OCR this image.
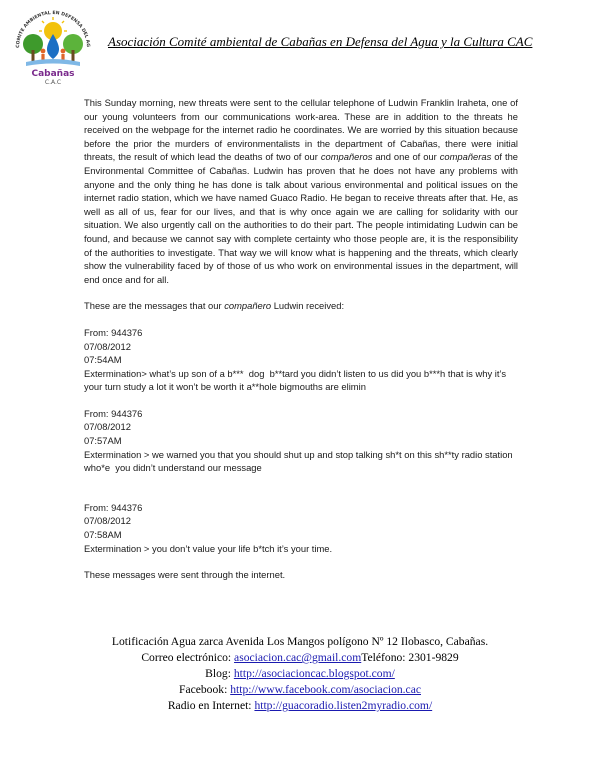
COMITE AMBIENTAL EN DEFENSA DEL AG
Cabañas
C.A.C
Asociación Comité ambiental de Cabañas en Defensa del Agua y la Cultura CAC

This Sunday morning, new threats were sent to the cellular telephone of Ludwin Franklin Iraheta, one of our young volunteers from our communications work-area. These are in addition to the threats he received on the webpage for the internet radio he coordinates. We are worried by this situation because before the prior the murders of environmentalists in the department of Cabañas, there were initial threats, the result of which lead the deaths of two of our compañeros and one of our compañeras of the Environmental Committee of Cabañas. Ludwin has proven that he does not have any problems with anyone and the only thing he has done is talk about various environmental and political issues on the internet radio station, which we have named Guaco Radio. He began to receive threats after that. He, as well as all of us, fear for our lives, and that is why once again we are calling for solidarity with our situation. We also urgently call on the authorities to do their part. The people intimidating Ludwin can be found, and because we cannot say with complete certainty who those people are, it is the responsibility of the authorities to investigate. That way we will know what is happening and the threats, which clearly show the vulnerability faced by of those of us who work on environmental issues in the department, will end once and for all.

These are the messages that our compañero Ludwin received:

From: 944376

07/08/2012

07:54AM

Extermination> what’s up son of a b***  dog  b**tard you didn’t listen to us did you b***h that is why it’s your turn study a lot it won’t be worth it a**hole bigmouths are elimin

From: 944376

07/08/2012

07:57AM

Extermination > we warned you that you should shut up and stop talking sh*t on this sh**ty radio station who*e  you didn’t understand our message

From: 944376

07/08/2012

07:58AM

Extermination > you don’t value your life b*tch it’s your time.

These messages were sent through the internet.

Lotificación Agua zarca Avenida Los Mangos polígono Nº 12 Ilobasco, Cabañas.
Correo electrónico: asociacion.cac@gmail.comTeléfono: 2301-9829
Blog: http://asociacioncac.blogspot.com/
Facebook: http://www.facebook.com/asociacion.cac
Radio en Internet: http://guacoradio.listen2myradio.com/
